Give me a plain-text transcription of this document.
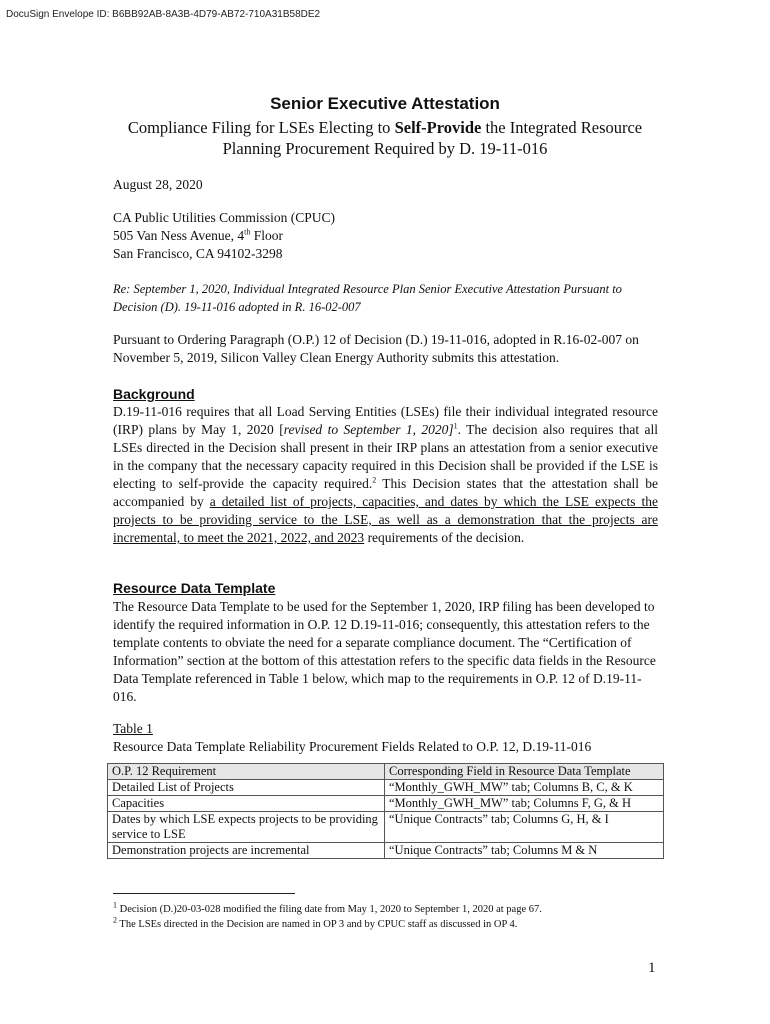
DocuSign Envelope ID: B6BB92AB-8A3B-4D79-AB72-710A31B58DE2
Senior Executive Attestation
Compliance Filing for LSEs Electing to Self-Provide the Integrated Resource Planning Procurement Required by D. 19-11-016
August 28, 2020
CA Public Utilities Commission (CPUC)
505 Van Ness Avenue, 4th Floor
San Francisco, CA 94102-3298
Re: September 1, 2020, Individual Integrated Resource Plan Senior Executive Attestation Pursuant to Decision (D). 19-11-016 adopted in R. 16-02-007
Pursuant to Ordering Paragraph (O.P.) 12 of Decision (D.) 19-11-016, adopted in R.16-02-007 on November 5, 2019, Silicon Valley Clean Energy Authority submits this attestation.
Background
D.19-11-016 requires that all Load Serving Entities (LSEs) file their individual integrated resource (IRP) plans by May 1, 2020 [revised to September 1, 2020]$^1$. The decision also requires that all LSEs directed in the Decision shall present in their IRP plans an attestation from a senior executive in the company that the necessary capacity required in this Decision shall be provided if the LSE is electing to self-provide the capacity required.$^2$ This Decision states that the attestation shall be accompanied by a detailed list of projects, capacities, and dates by which the LSE expects the projects to be providing service to the LSE, as well as a demonstration that the projects are incremental, to meet the 2021, 2022, and 2023 requirements of the decision.
Resource Data Template
The Resource Data Template to be used for the September 1, 2020, IRP filing has been developed to identify the required information in O.P. 12 D.19-11-016; consequently, this attestation refers to the template contents to obviate the need for a separate compliance document. The “Certification of Information” section at the bottom of this attestation refers to the specific data fields in the Resource Data Template referenced in Table 1 below, which map to the requirements in O.P. 12 of D.19-11-016.
Table 1
Resource Data Template Reliability Procurement Fields Related to O.P. 12, D.19-11-016
O.P. 12 Requirement	Corresponding Field in Resource Data Template
Detailed List of Projects	“Monthly_GWH_MW” tab; Columns B, C, & K
Capacities	“Monthly_GWH_MW” tab; Columns F, G, & H
Dates by which LSE expects projects to be providing service to LSE	“Unique Contracts” tab; Columns G, H, & I
Demonstration projects are incremental	“Unique Contracts” tab; Columns M & N
$^1$ Decision (D.)20-03-028 modified the filing date from May 1, 2020 to September 1, 2020 at page 67.
$^2$ The LSEs directed in the Decision are named in OP 3 and by CPUC staff as discussed in OP 4.
1
